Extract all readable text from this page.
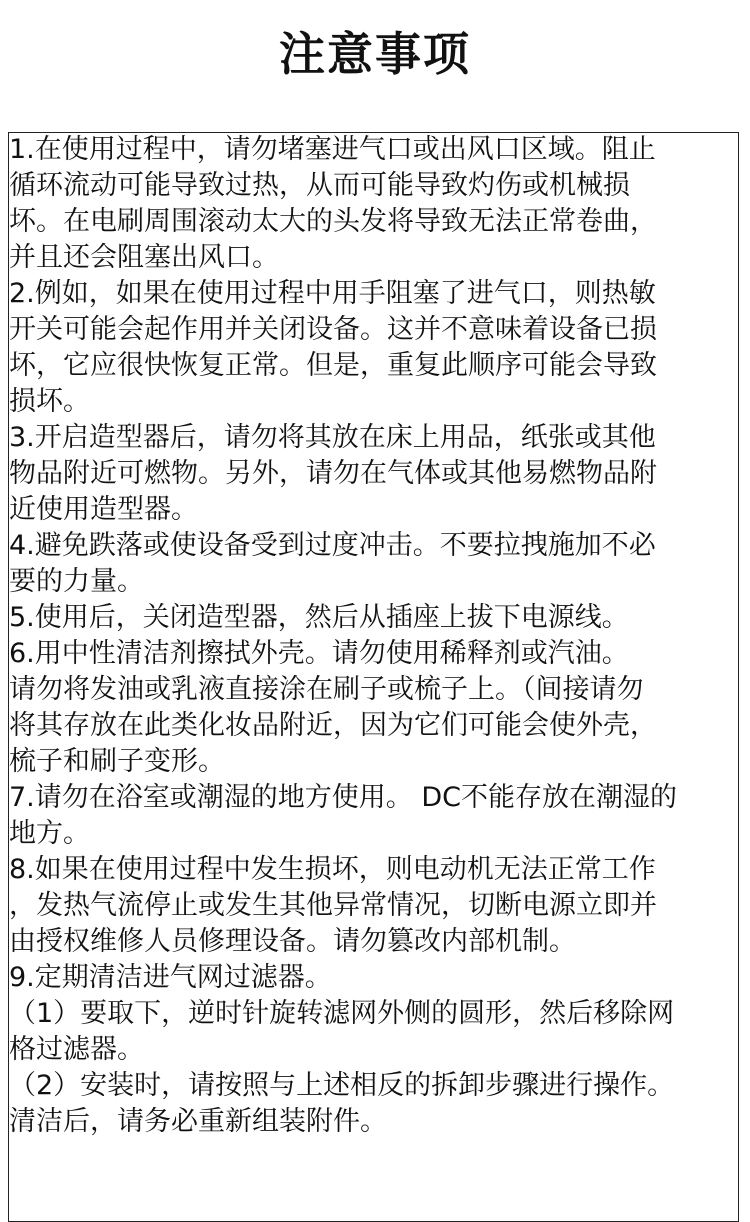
注意事项
1.在使用过程中，请勿堵塞进气口或出风口区域。阻止
循环流动可能导致过热，从而可能导致灼伤或机械损
坏。在电刷周围滚动太大的头发将导致无法正常卷曲，
并且还会阻塞出风口。
2.例如，如果在使用过程中用手阻塞了进气口，则热敏
开关可能会起作用并关闭设备。这并不意味着设备已损
坏，它应很快恢复正常。但是，重复此顺序可能会导致
损坏。
3.开启造型器后，请勿将其放在床上用品，纸张或其他
物品附近可燃物。另外，请勿在气体或其他易燃物品附
近使用造型器。
4.避免跌落或使设备受到过度冲击。不要拉拽施加不必
要的力量。
5.使用后，关闭造型器，然后从插座上拔下电源线。
6.用中性清洁剂擦拭外壳。请勿使用稀释剂或汽油。
请勿将发油或乳液直接涂在刷子或梳子上。（间接请勿
将其存放在此类化妆品附近，因为它们可能会使外壳，
梳子和刷子变形。
7.请勿在浴室或潮湿的地方使用。 DC不能存放在潮湿的
地方。
8.如果在使用过程中发生损坏，则电动机无法正常工作
，发热气流停止或发生其他异常情况，切断电源立即并
由授权维修人员修理设备。请勿篡改内部机制。
9.定期清洁进气网过滤器。
（1）要取下，逆时针旋转滤网外侧的圆形，然后移除网
格过滤器。
（2）安装时，请按照与上述相反的拆卸步骤进行操作。
清洁后，请务必重新组装附件。
